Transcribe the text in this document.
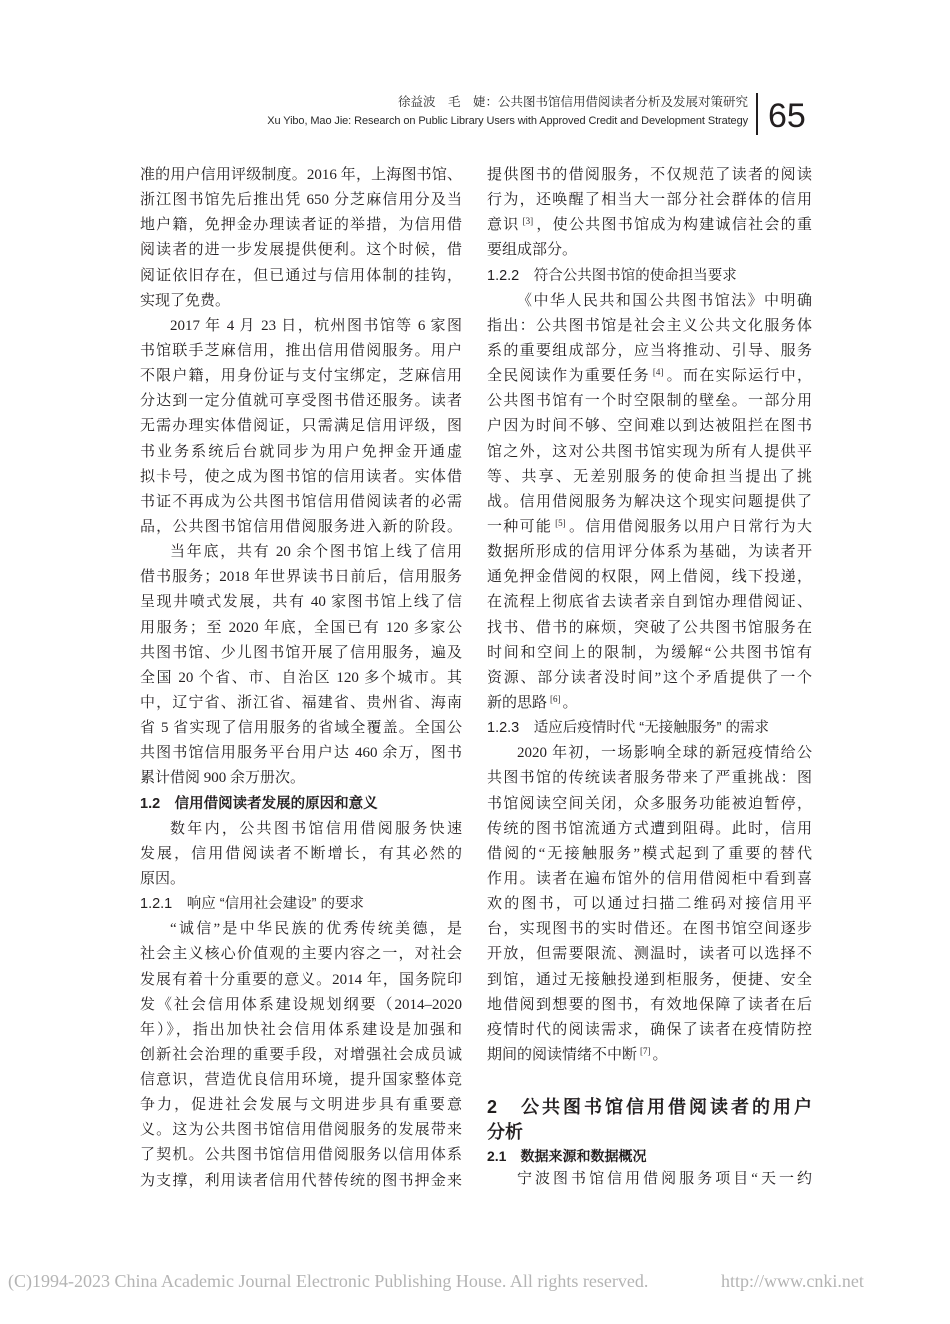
徐益波　毛　婕：公共图书馆信用借阅读者分析及发展对策研究
Xu Yibo, Mao Jie: Research on Public Library Users with Approved Credit and Development Strategy 65
准的用户信用评级制度。2016 年，上海图书馆、
浙江图书馆先后推出凭 650 分芝麻信用分及当
地户籍，免押金办理读者证的举措，为信用借
阅读者的进一步发展提供便利。这个时候，借
阅证依旧存在，但已通过与信用体制的挂钩，
实现了免费。
2017 年 4 月 23 日，杭州图书馆等 6 家图
书馆联手芝麻信用，推出信用借阅服务。用户
不限户籍，用身份证与支付宝绑定，芝麻信用
分达到一定分值就可享受图书借还服务。读者
无需办理实体借阅证，只需满足信用评级，图
书业务系统后台就同步为用户免押金开通虚
拟卡号，使之成为图书馆的信用读者。实体借
书证不再成为公共图书馆信用借阅读者的必需
品，公共图书馆信用借阅服务进入新的阶段。
当年底，共有 20 余个图书馆上线了信用
借书服务；2018 年世界读书日前后，信用服务
呈现井喷式发展，共有 40 家图书馆上线了信
用服务；至 2020 年底，全国已有 120 多家公
共图书馆、少儿图书馆开展了信用服务，遍及
全国 20 个省、市、自治区 120 多个城市。其
中，辽宁省、浙江省、福建省、贵州省、海南
省 5 省实现了信用服务的省域全覆盖。全国公
共图书馆信用服务平台用户达 460 余万，图书
累计借阅 900 余万册次。
1.2　信用借阅读者发展的原因和意义
数年内，公共图书馆信用借阅服务快速
发展，信用借阅读者不断增长，有其必然的
原因。
1.2.1　响应 “信用社会建设” 的要求
“诚信”是中华民族的优秀传统美德，是
社会主义核心价值观的主要内容之一，对社会
发展有着十分重要的意义。2014 年，国务院印
发《社会信用体系建设规划纲要（2014–2020
年）》，指出加快社会信用体系建设是加强和
创新社会治理的重要手段，对增强社会成员诚
信意识，营造优良信用环境，提升国家整体竞
争力，促进社会发展与文明进步具有重要意
义。这为公共图书馆信用借阅服务的发展带来
了契机。公共图书馆信用借阅服务以信用体系
为支撑，利用读者信用代替传统的图书押金来
提供图书的借阅服务，不仅规范了读者的阅读
行为，还唤醒了相当大一部分社会群体的信用
意识 [3] ，使公共图书馆成为构建诚信社会的重
要组成部分。
1.2.2　符合公共图书馆的使命担当要求
《中华人民共和国公共图书馆法》中明确
指出：公共图书馆是社会主义公共文化服务体
系的重要组成部分，应当将推动、引导、服务
全民阅读作为重要任务 [4] 。而在实际运行中，
公共图书馆有一个时空限制的壁垒。一部分用
户因为时间不够、空间难以到达被阻拦在图书
馆之外，这对公共图书馆实现为所有人提供平
等、共享、无差别服务的使命担当提出了挑
战。信用借阅服务为解决这个现实问题提供了
一种可能 [5] 。信用借阅服务以用户日常行为大
数据所形成的信用评分体系为基础，为读者开
通免押金借阅的权限，网上借阅，线下投递，
在流程上彻底省去读者亲自到馆办理借阅证、
找书、借书的麻烦，突破了公共图书馆服务在
时间和空间上的限制，为缓解“公共图书馆有
资源、部分读者没时间”这个矛盾提供了一个
新的思路 [6] 。
1.2.3　适应后疫情时代 “无接触服务” 的需求
2020 年初，一场影响全球的新冠疫情给公
共图书馆的传统读者服务带来了严重挑战：图
书馆阅读空间关闭，众多服务功能被迫暂停，
传统的图书馆流通方式遭到阻碍。此时，信用
借阅的“无接触服务”模式起到了重要的替代
作用。读者在遍布馆外的信用借阅柜中看到喜
欢的图书，可以通过扫描二维码对接信用平
台，实现图书的实时借还。在图书馆空间逐步
开放，但需要限流、测温时，读者可以选择不
到馆，通过无接触投递到柜服务，便捷、安全
地借阅到想要的图书，有效地保障了读者在后
疫情时代的阅读需求，确保了读者在疫情防控
期间的阅读情绪不中断 [7] 。
2　公共图书馆信用借阅读者的用户
分析
2.1　数据来源和数据概况
宁波图书馆信用借阅服务项目“天一约
(C)1994-2023 China Academic Journal Electronic Publishing House. All rights reserved.	http://www.cnki.net
